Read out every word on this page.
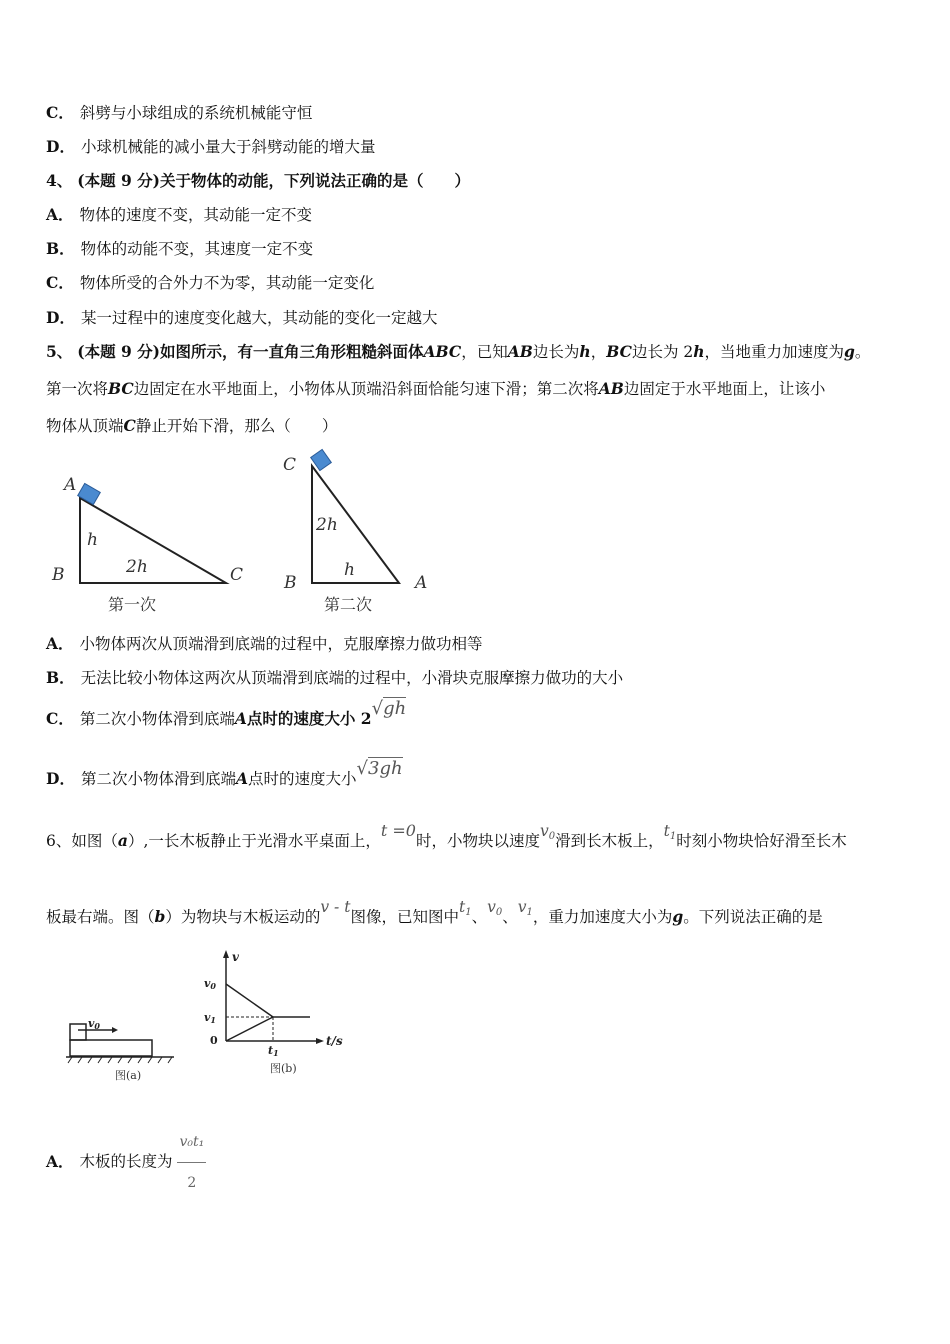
C． 斜劈与小球组成的系统机械能守恒
D． 小球机械能的减小量大于斜劈动能的增大量
4、 (本题 9 分)关于物体的动能，下列说法正确的是（　　）
A． 物体的速度不变，其动能一定不变
B． 物体的动能不变，其速度一定不变
C． 物体所受的合外力不为零，其动能一定变化
D． 某一过程中的速度变化越大，其动能的变化一定越大
5、 (本题 9 分)如图所示，有一直角三角形粗糙斜面体ABC，已知AB边长为h，BC边长为 2h，当地重力加速度为g。
第一次将BC边固定在水平地面上，小物体从顶端沿斜面恰能匀速下滑；第二次将AB边固定于水平地面上，让该小
物体从顶端C静止开始下滑，那么（　　）
A
B	C
h
2h
第一次
C
B	A
2h
h
第二次
A． 小物体两次从顶端滑到底端的过程中，克服摩擦力做功相等
B． 无法比较小物体这两次从顶端滑到底端的过程中，小滑块克服摩擦力做功的大小
C． 第二次小物体滑到底端A点时的速度大小 2√gh
D． 第二次小物体滑到底端A点时的速度大小√3gh
6、如图（a）,一长木板静止于光滑水平桌面上，t =0时，小物块以速度$v_0$滑到长木板上，$t_1$时刻小物块恰好滑至长木
板最右端。图（b）为物块与木板运动的v - t图像，已知图中$t_1$、$v_0$、$v_1$，重力加速度大小为g。下列说法正确的是
v0
图(a)
v
v0
v1
0
t1
t/s
图(b)
A． 木板的长度为 $\frac{\text{v₀t₁}}{2}$
